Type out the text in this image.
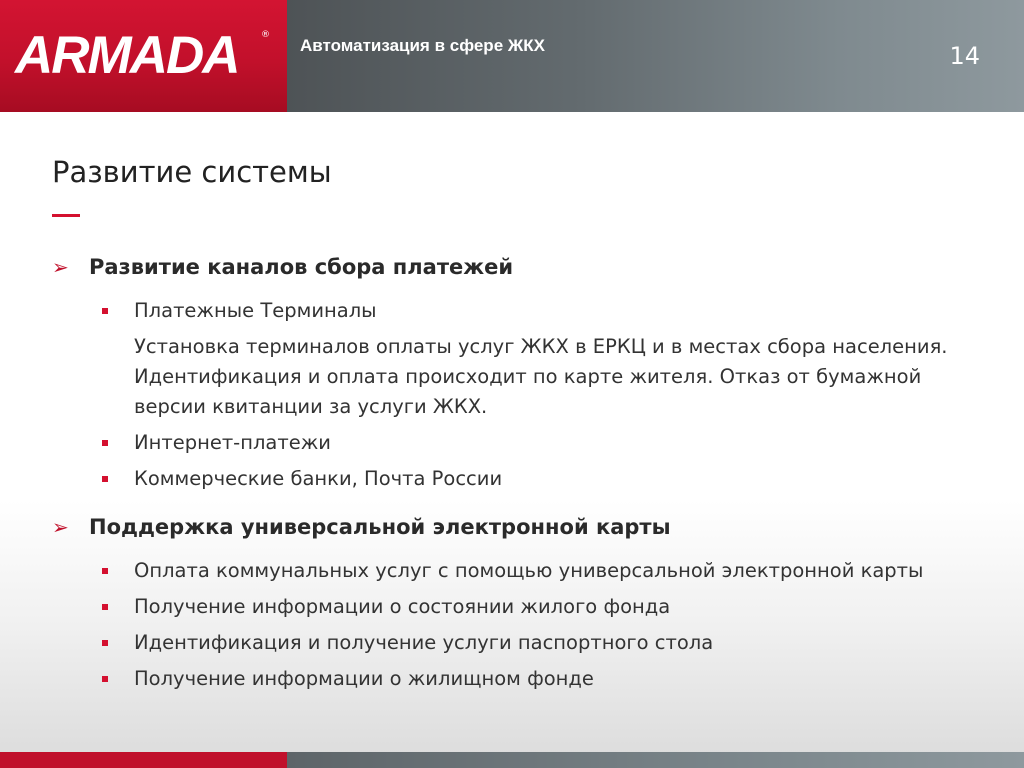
ARMADA ®
Автоматизация в сфере ЖКХ	14
Развитие системы
➢ Развитие каналов сбора платежей
Платежные Терминалы
Установка терминалов оплаты услуг ЖКХ в ЕРКЦ и в местах сбора населения. Идентификация и оплата происходит по карте жителя. Отказ от бумажной версии квитанции за услуги ЖКХ.
Интернет-платежи
Коммерческие банки, Почта России
➢ Поддержка универсальной электронной карты
Оплата коммунальных услуг с помощью универсальной электронной карты
Получение информации о состоянии жилого фонда
Идентификация и получение услуги паспортного стола
Получение информации о жилищном фонде
